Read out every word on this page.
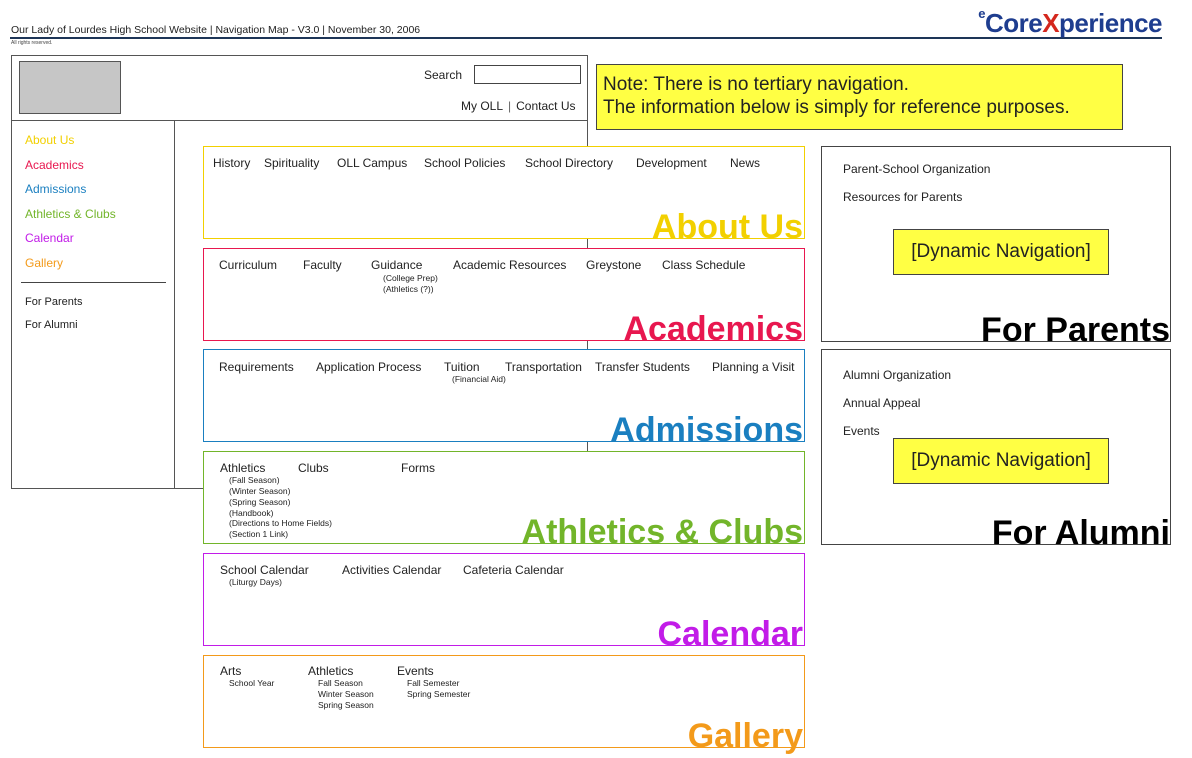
Our Lady of Lourdes High School Website | Navigation Map - V3.0 | November 30, 2006
All rights reserved.
$^e$CoreXperience
Search
My OLL | Contact Us
About Us
Academics
Admissions
Athletics & Clubs
Calendar
Gallery
For Parents
For Alumni
Note: There is no tertiary navigation.
The information below is simply for reference purposes.
History Spirituality OLL Campus School Policies School Directory Development News
About Us
Curriculum Faculty Guidance
(College Prep)
(Athletics (?))
Academic Resources Greystone Class Schedule
Academics
Requirements Application Process Tuition
(Financial Aid)
Transportation Transfer Students Planning a Visit
Admissions
Athletics
(Fall Season)
(Winter Season)
(Spring Season)
(Handbook)
(Directions to Home Fields)
(Section 1 Link)
Clubs	Forms
Athletics & Clubs
School Calendar
(Liturgy Days)
Activities Calendar Cafeteria Calendar
Calendar
Arts
School Year
Athletics
Fall Season
Winter Season
Spring Season
Events
Fall Semester
Spring Semester
Gallery
Parent-School Organization
Resources for Parents
[Dynamic Navigation]
For Parents
Alumni Organization
Annual Appeal
Events
[Dynamic Navigation]
For Alumni
